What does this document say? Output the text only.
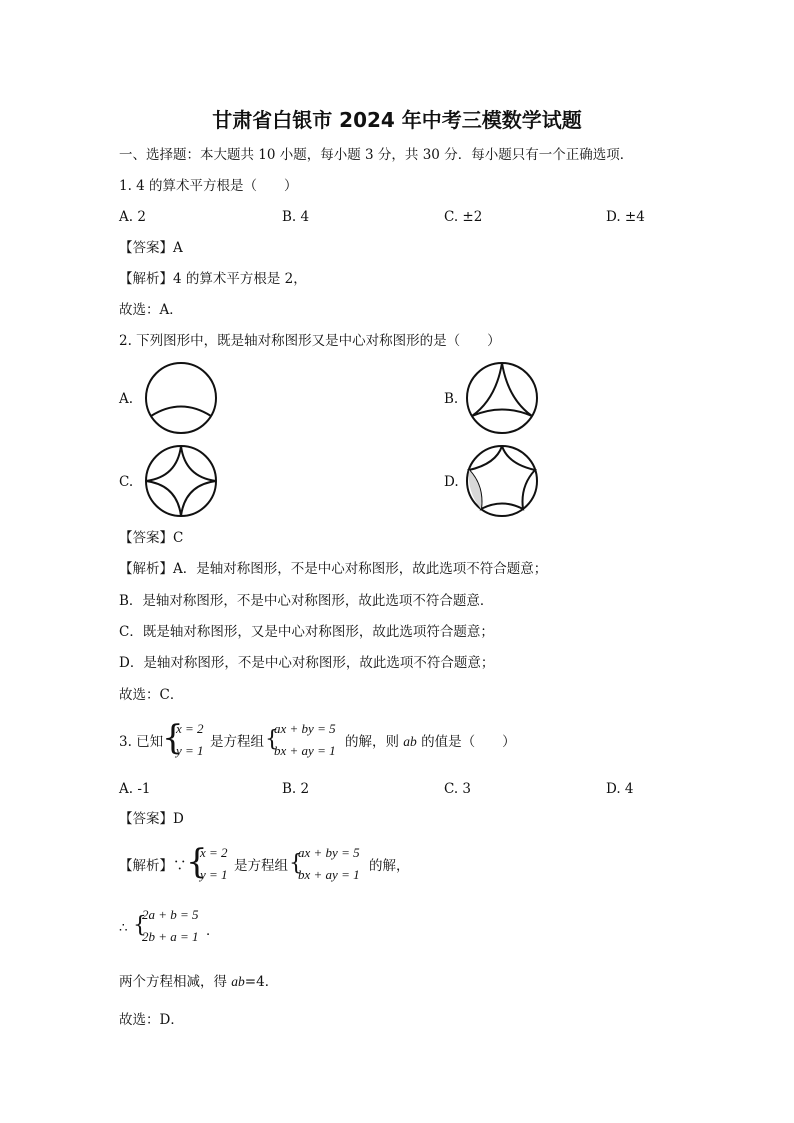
甘肃省白银市 2024 年中考三模数学试题
一、选择题：本大题共 10 小题，每小题 3 分，共 30 分．每小题只有一个正确选项．
1. 4 的算术平方根是（　　）
A. 2	B. 4	C. ±2	D. ±4
【答案】A
【解析】4 的算术平方根是 2，
故选：A．
2. 下列图形中，既是轴对称图形又是中心对称图形的是（　　）
A.	B.
C.	D.
【答案】C
【解析】A．是轴对称图形，不是中心对称图形，故此选项不符合题意；
B．是轴对称图形，不是中心对称图形，故此选项不符合题意．
C．既是轴对称图形，又是中心对称图形，故此选项符合题意；
D．是轴对称图形，不是中心对称图形，故此选项不符合题意；
故选：C．
3. 已知
{
x = 2
y = 1
是方程组 {
ax + by = 5
bx + ay = 1
的解，则 ab 的值是（　　）
A. -1	B. 2	C. 3	D. 4
【答案】D
【解析】∵ {
x = 2
y = 1
是方程组 {
ax + by = 5
bx + ay = 1
的解，
∴ {
2a + b = 5
2b + a = 1 ．
两个方程相减，得 ab=4．
故选：D．
